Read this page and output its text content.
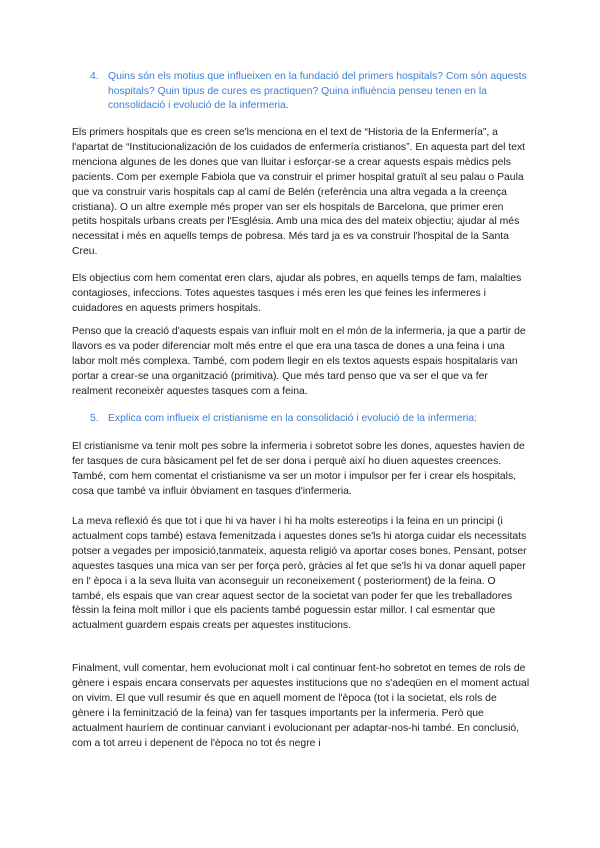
4. Quins són els motius que influeixen en la fundació del primers hospitals? Com són aquests hospitals? Quin tipus de cures es practiquen? Quina influència penseu tenen en la consolidació i evolució de la infermeria.

Els primers hospitals que es creen se'ls menciona en el text de “Historia de la Enfermería”, a l'apartat de “Institucionalización de los cuidados de enfermería cristianos”. En aquesta part del text menciona algunes de les dones que van lluitar i esforçar-se a crear aquests espais mèdics pels pacients. Com per exemple Fabiola que va construir el primer hospital gratuït al seu palau o Paula que va construir varis hospitals cap al camí de Belén (referència una altra vegada a la creença cristiana). O un altre exemple més proper van ser els hospitals de Barcelona, que primer eren petits hospitals urbans creats per l'Església. Amb una mica des del mateix objectiu; ajudar al més necessitat i més en aquells temps de pobresa. Més tard ja es va construir l'hospital de la Santa Creu.

Els objectius com hem comentat eren clars, ajudar als pobres, en aquells temps de fam, malalties contagioses, infeccions. Totes aquestes tasques i més eren les que feines les infermeres i cuidadores en aquests primers hospitals.

Penso que la creació d'aquests espais van influir molt en el món de la infermeria, ja que a partir de llavors es va poder diferenciar molt més entre el que era una tasca de dones a una feina i una labor molt més complexa. També, com podem llegir en els textos aquests espais hospitalaris van portar a crear-se una organització (primitiva). Que més tard penso que va ser el que va fer realment reconeixèr aquestes tasques com a feina.

5. Explica com influeix el cristianisme en la consolidació i evolució de la infermeria:

El cristianisme va tenir molt pes sobre la infermeria i sobretot sobre les dones, aquestes havien de fer tasques de cura bàsicament pel fet de ser dona i perquè així ho diuen aquestes creences. També, com hem comentat el cristianisme va ser un motor i impulsor per fer i crear els hospitals, cosa que també va influir òbviament en tasques d'infermeria.

La meva reflexió és que tot i que hi va haver i hi ha molts estereotips i la feina en un principi (i actualment cops també) estava femenitzada i aquestes dones se'ls hi atorga cuidar els necessitats potser a vegades per imposició,tanmateix, aquesta religió va aportar coses bones. Pensant, potser aquestes tasques una mica van ser per força però, gràcies al fet que se'ls hi va donar aquell paper en l' època i a la seva lluita van aconseguir un reconeixement ( posteriorment) de la feina. O també, els espais que van crear aquest sector de la societat van poder fer que les treballadores fèssin la feina molt millor i que els pacients també poguessin estar millor. I cal esmentar que actualment guardem espais creats per aquestes institucions.

Finalment, vull comentar, hem evolucionat molt i cal continuar fent-ho sobretot en temes de rols de gènere i espais encara conservats per aquestes institucions que no s'adeqüen en el moment actual on vivim. El que vull resumir és que en aquell moment de l'època (tot i la societat, els rols de gènere i la feminització de la feina) van fer tasques importants per la infermeria. Però que actualment hauríem de continuar canviant i evolucionant per adaptar-nos-hi també. En conclusió, com a tot arreu i depenent de l'època no tot és negre i
